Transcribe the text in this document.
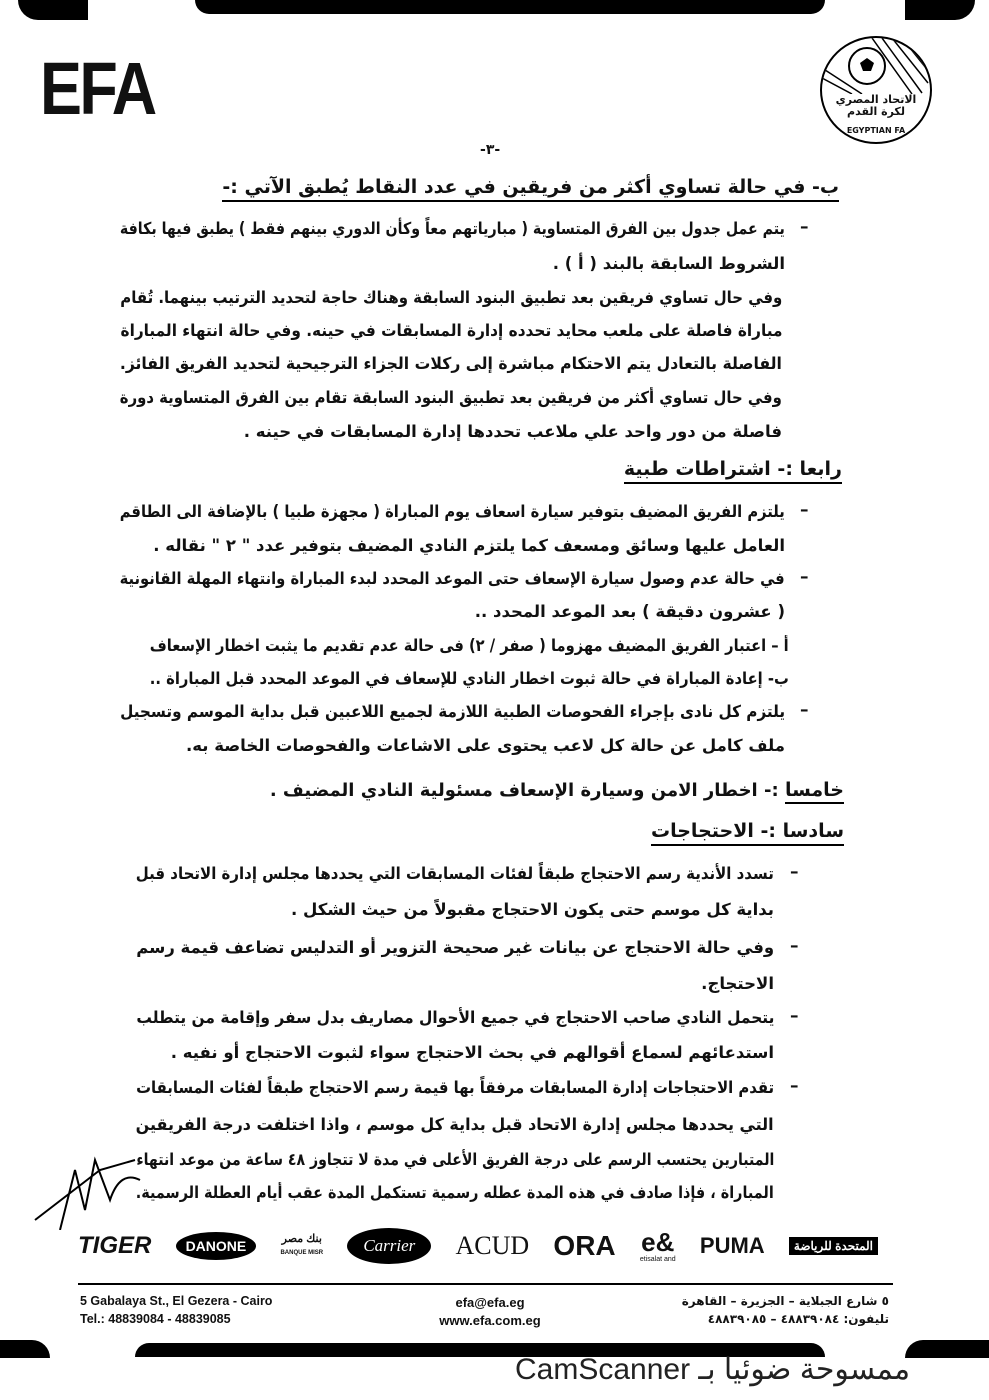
EFA	الاتحاد المصري لكرة القدم
EGYPTIAN FA
-٣-
ب- في حالة تساوي أكثر من فريقين في عدد النقاط يُطبق الآتي :-
–
يتم عمل جدول بين الفرق المتساوية ( مبارياتهم معاً وكأن الدوري بينهم فقط ) يطبق فيها بكافة
الشروط السابقة بالبند ( أ ) .
وفي حال تساوي فريقين بعد تطبيق البنود السابقة وهناك حاجة لتحديد الترتيب بينهما. تُقام
مباراة فاصلة على ملعب محايد تحدده إدارة المسابقات في حينه. وفي حالة انتهاء المباراة
الفاصلة بالتعادل يتم الاحتكام مباشرة إلى ركلات الجزاء الترجيحية لتحديد الفريق الفائز.
وفي حال تساوي أكثر من فريقين بعد تطبيق البنود السابقة تقام بين الفرق المتساوية دورة
فاصلة من دور واحد علي ملاعب تحددها إدارة المسابقات في حينه .
رابعا :- اشتراطات طبية
–
يلتزم الفريق المضيف بتوفير سيارة اسعاف يوم المباراة ( مجهزة طبيا ) بالإضافة الى الطاقم
العامل عليها وسائق ومسعف كما يلتزم النادي المضيف بتوفير عدد " ٢ " نقاله .
–
في حالة عدم وصول سيارة الإسعاف حتى الموعد المحدد لبدء المباراة وانتهاء المهلة القانونية
( عشرون دقيقة ) بعد الموعد المحدد ..
أ – اعتبار الفريق المضيف مهزوما ( صفر / ٢) فى حالة عدم تقديم ما يثبت اخطار الإسعاف
ب- إعادة المباراة في حالة ثبوت اخطار النادي للإسعاف في الموعد المحدد قبل المباراة ..
–
يلتزم كل نادى بإجراء الفحوصات الطبية اللازمة لجميع اللاعبين قبل بداية الموسم وتسجيل
ملف كامل عن حالة كل لاعب يحتوى على الاشاعات والفحوصات الخاصة به.
خامسا :- اخطار الامن وسيارة الإسعاف مسئولية النادي المضيف .
سادسا :- الاحتجاجات
–
تسدد الأندية رسم الاحتجاج طبقاً لفئات المسابقات التي يحددها مجلس إدارة الاتحاد قبل
بداية كل موسم حتى يكون الاحتجاج مقبولاً من حيث الشكل .
–
وفي حالة الاحتجاج عن بيانات غير صحيحة التزوير أو التدليس تضاعف قيمة رسم
الاحتجاج.
–
يتحمل النادي صاحب الاحتجاج في جميع الأحوال مصاريف بدل سفر وإقامة من يتطلب
استدعائهم لسماع أقوالهم في بحث الاحتجاج سواء لثبوت الاحتجاج أو نفيه .
–
تقدم الاحتجاجات إدارة المسابقات مرفقاً بها قيمة رسم الاحتجاج طبقاً لفئات المسابقات
التي يحددها مجلس إدارة الاتحاد قبل بداية كل موسم ، واذا اختلفت درجة الفريقين
المتبارين يحتسب الرسم على درجة الفريق الأعلى في مدة لا تتجاوز ٤٨ ساعة من موعد انتهاء
المباراة ، فإذا صادف في هذه المدة عطله رسمية تستكمل المدة عقب أيام العطلة الرسمية.
TIGER	DANONE	بنك مصر
BANQUE MISR	Carrier	ACUD ORA e&

etisalat and
PUMA	المتحدة للرياضة
5 Gabalaya St., El Gezera - Cairo
Tel.: 48839084 - 48839085
efa@efa.eg
www.efa.com.eg
٥ شارع الجبلاية – الجزيرة – القاهرة
تليفون: ٤٨٨٣٩٠٨٤ – ٤٨٨٣٩٠٨٥
ممسوحة ضوئيا بـ CamScanner
